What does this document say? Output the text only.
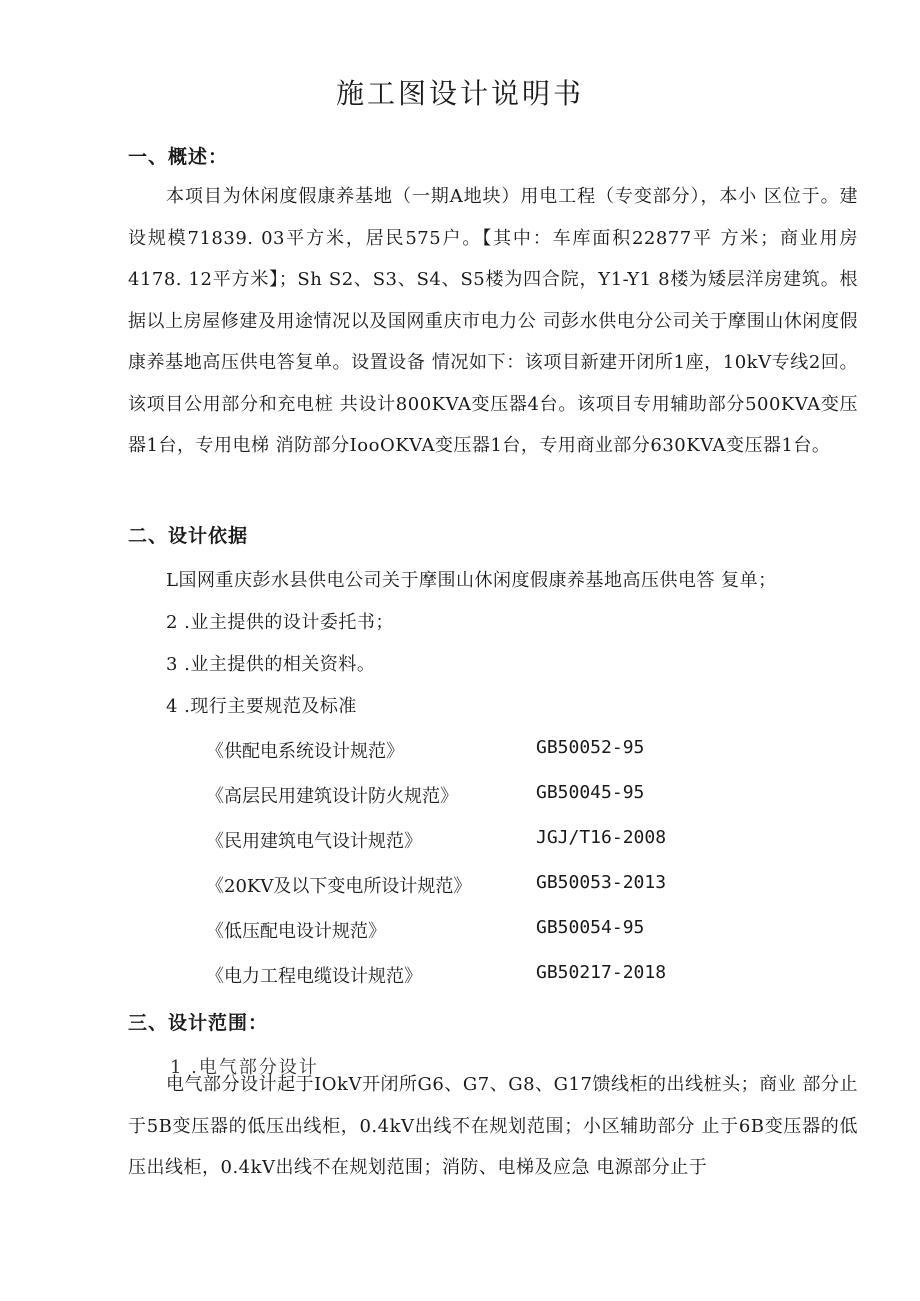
施工图设计说明书
一、概述：
本项目为休闲度假康养基地（一期A地块）用电工程（专变部分），本小 区位于。建设规模71839. 03平方米，居民575户。【其中：车库面积22877平 方米；商业用房4178. 12平方米】；Sh S2、S3、S4、S5楼为四合院，Y1-Y1 8楼为矮层洋房建筑。根据以上房屋修建及用途情况以及国网重庆市电力公 司彭水供电分公司关于摩围山休闲度假康养基地高压供电答复单。设置设备 情况如下：该项目新建开闭所1座，10kV专线2回。该项目公用部分和充电桩 共设计800KVA变压器4台。该项目专用辅助部分500KVA变压器1台，专用电梯 消防部分IooOKVA变压器1台，专用商业部分630KVA变压器1台。
二、设计依据
L国网重庆彭水县供电公司关于摩围山休闲度假康养基地高压供电答 复单；
2 .业主提供的设计委托书；
3 .业主提供的相关资料。
4 .现行主要规范及标准
《供配电系统设计规范》	GB50052-95
《高层民用建筑设计防火规范》	GB50045-95
《民用建筑电气设计规范》	JGJ/T16-2008
《20KV及以下变电所设计规范》	GB50053-2013
《低压配电设计规范》	GB50054-95
《电力工程电缆设计规范》	GB50217-2018
三、设计范围：
1 .电气部分设计
电气部分设计起于IOkV开闭所G6、G7、G8、G17馈线柜的出线桩头；商业 部分止于5B变压器的低压出线柜，0.4kV出线不在规划范围；小区辅助部分 止于6B变压器的低压出线柜，0.4kV出线不在规划范围；消防、电梯及应急 电源部分止于
